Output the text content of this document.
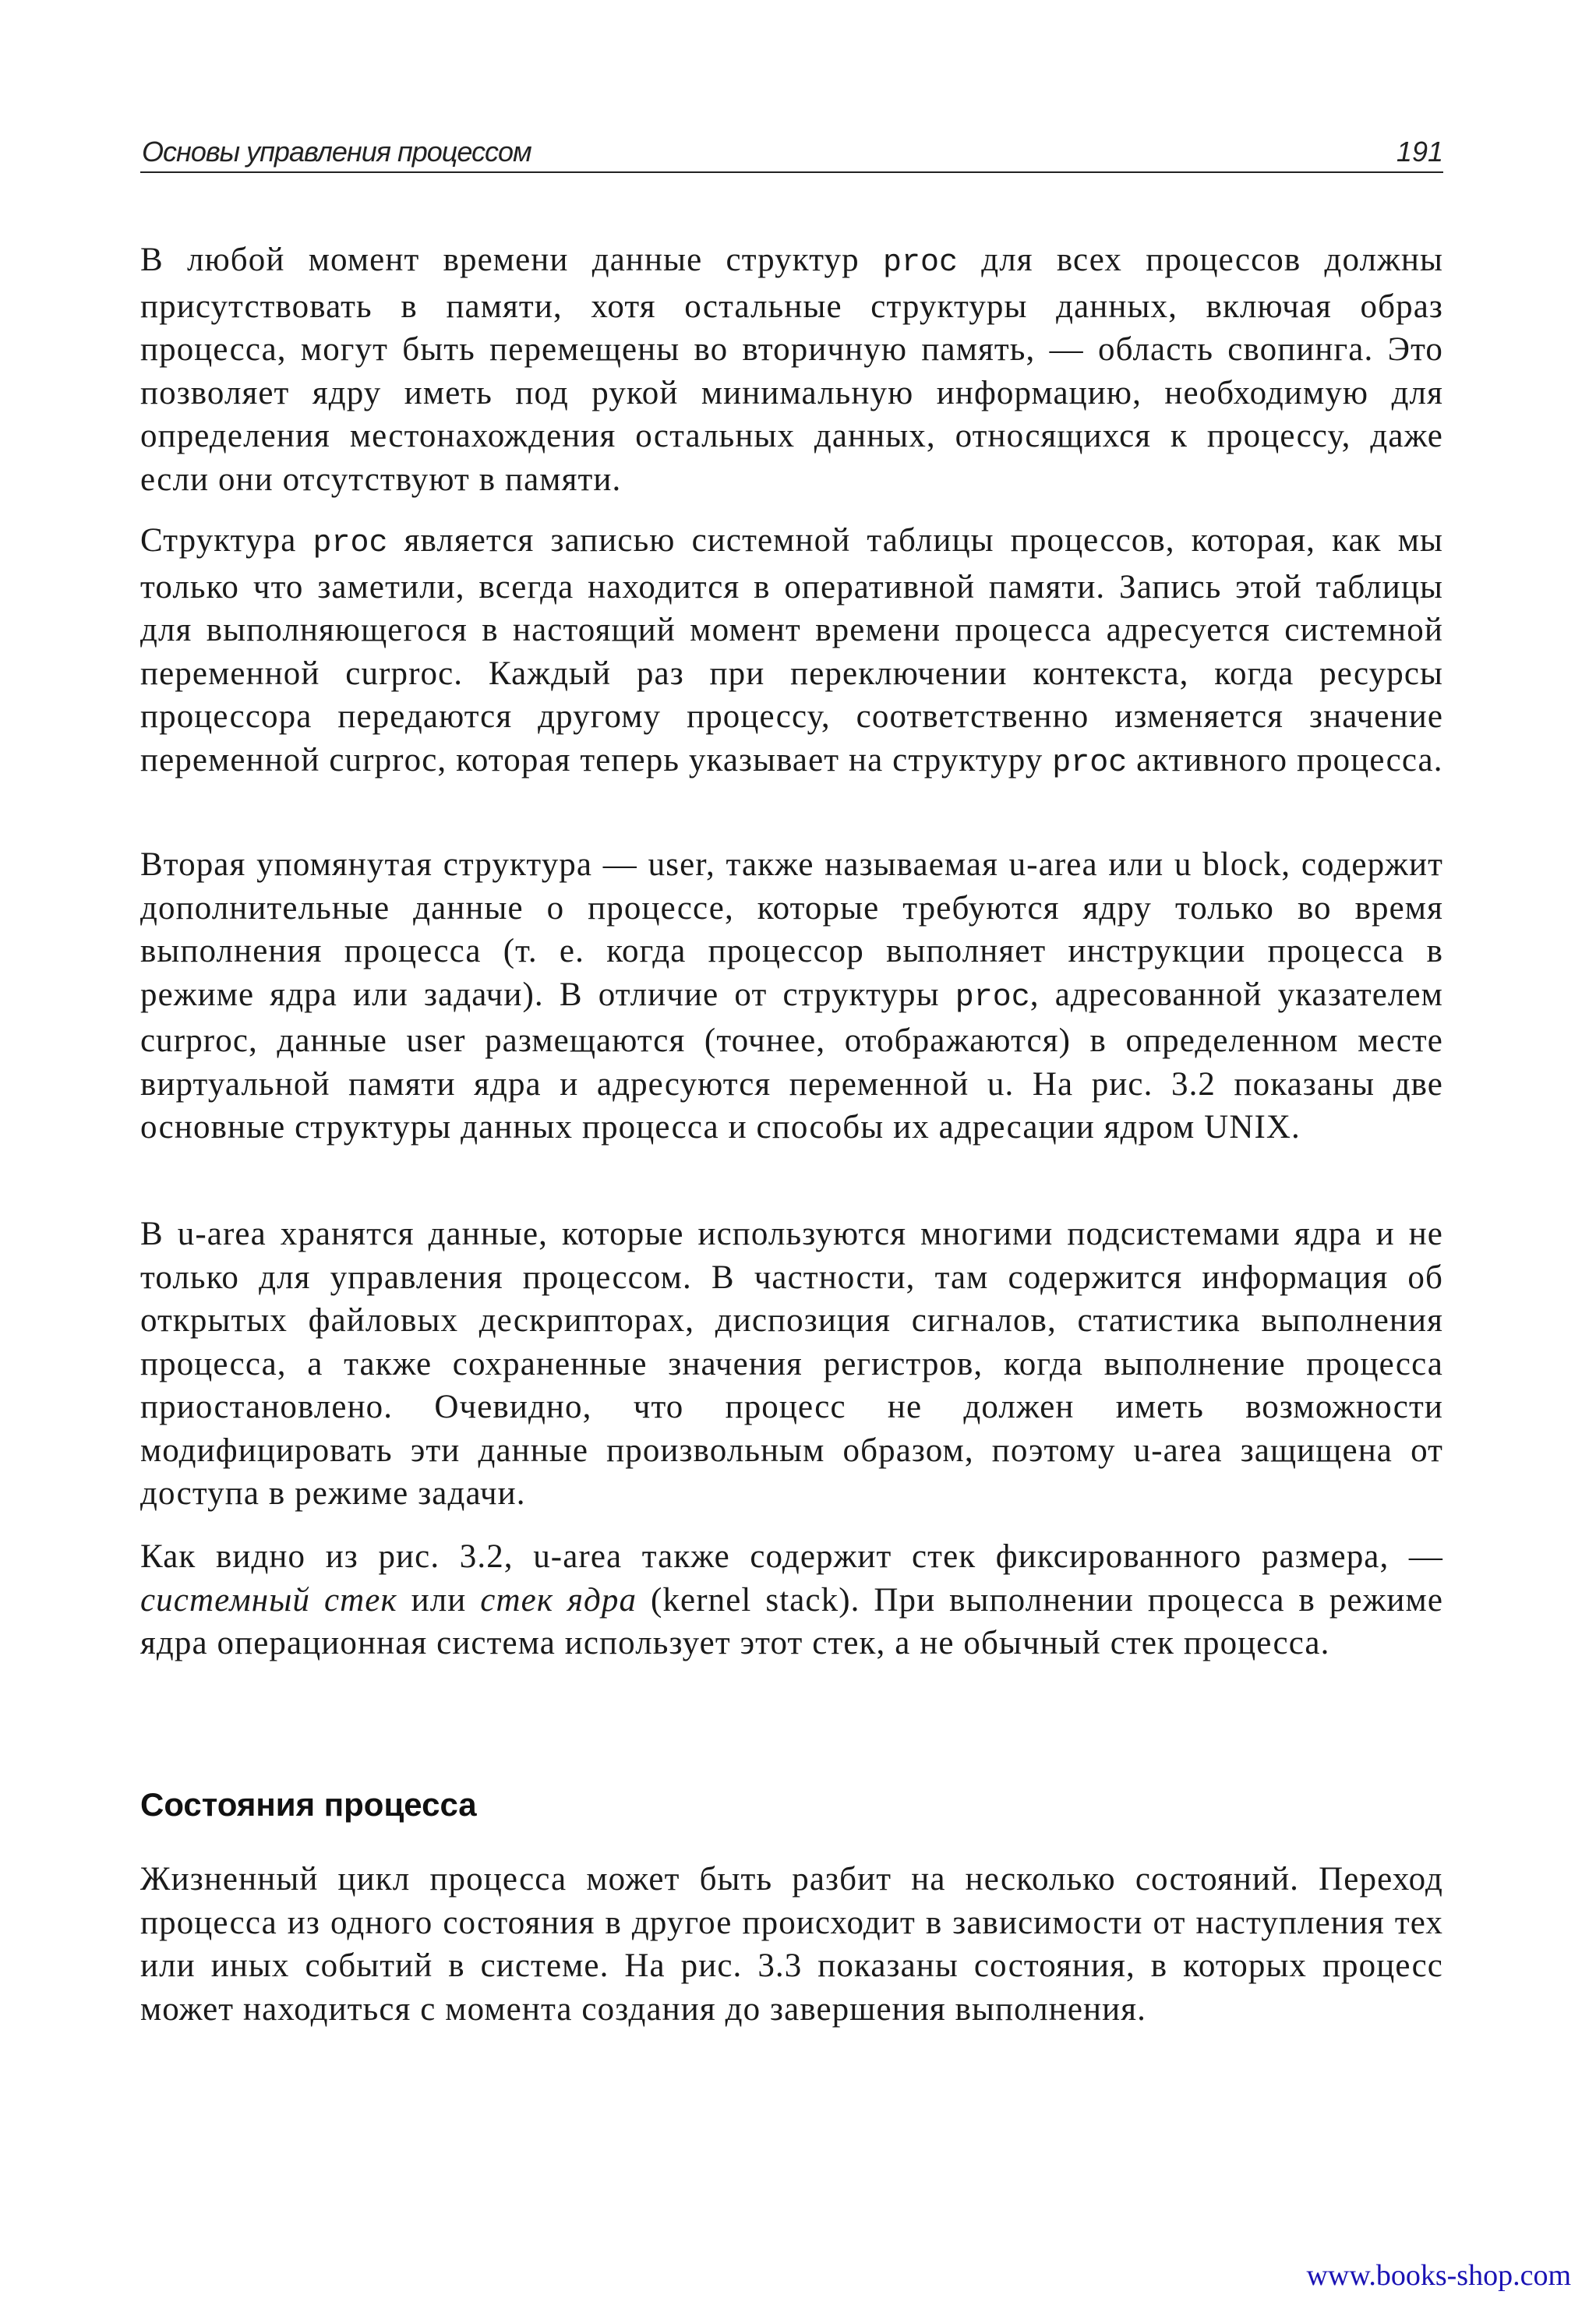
Основы управления процессом	191

В любой момент времени данные структур proc для всех процессов должны присутствовать в памяти, хотя остальные структуры данных, включая образ процесса, могут быть перемещены во вторичную память, — область свопинга. Это позволяет ядру иметь под рукой минимальную информацию, необходимую для определения местонахождения остальных данных, относящихся к процессу, даже если они отсутствуют в памяти.

Структура proc является записью системной таблицы процессов, которая, как мы только что заметили, всегда находится в оперативной памяти. Запись этой таблицы для выполняющегося в настоящий момент времени процесса адресуется системной переменной curproc. Каждый раз при переключении контекста, когда ресурсы процессора передаются другому процессу, соответственно изменяется значение переменной curproc, которая теперь указывает на структуру proc активного процесса.

Вторая упомянутая структура — user, также называемая u-area или u block, содержит дополнительные данные о процессе, которые требуются ядру только во время выполнения процесса (т. е. когда процессор выполняет инструкции процесса в режиме ядра или задачи). В отличие от структуры proc, адресованной указателем curproc, данные user размещаются (точнее, отображаются) в определенном месте виртуальной памяти ядра и адресуются переменной u. На рис. 3.2 показаны две основные структуры данных процесса и способы их адресации ядром UNIX.

В u-area хранятся данные, которые используются многими подсистемами ядра и не только для управления процессом. В частности, там содержится информация об открытых файловых дескрипторах, диспозиция сигналов, статистика выполнения процесса, а также сохраненные значения регистров, когда выполнение процесса приостановлено. Очевидно, что процесс не должен иметь возможности модифицировать эти данные произвольным образом, поэтому u-area защищена от доступа в режиме задачи.

Как видно из рис. 3.2, u-area также содержит стек фиксированного размера, — системный стек или стек ядра (kernel stack). При выполнении процесса в режиме ядра операционная система использует этот стек, а не обычный стек процесса.

Состояния процесса

Жизненный цикл процесса может быть разбит на несколько состояний. Переход процесса из одного состояния в другое происходит в зависимости от наступления тех или иных событий в системе. На рис. 3.3 показаны состояния, в которых процесс может находиться с момента создания до завершения выполнения.

www.books-shop.com
